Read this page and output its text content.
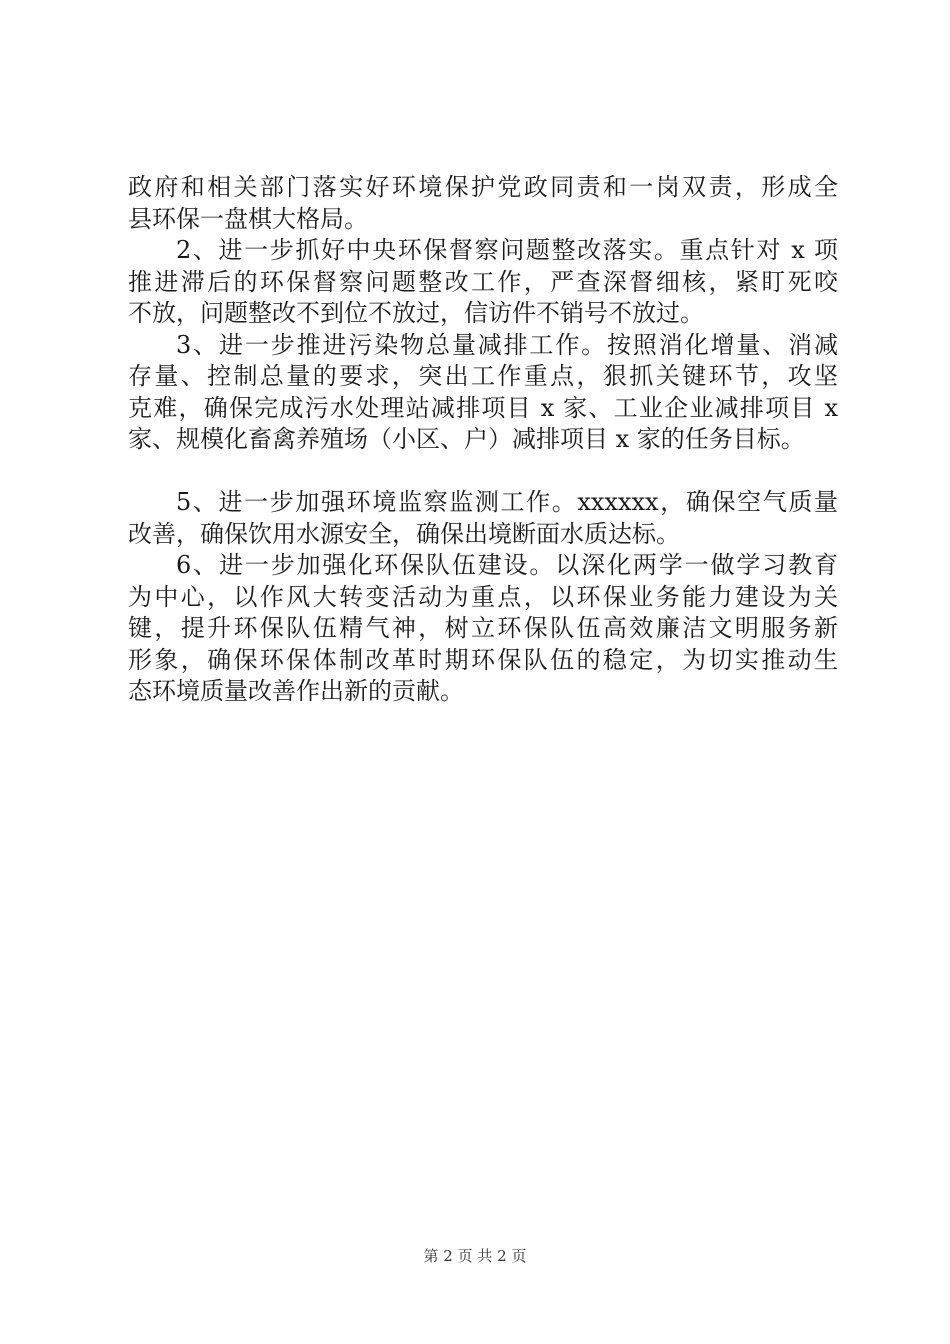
政府和相关部门落实好环境保护党政同责和一岗双责，形成全
县环保一盘棋大格局。
2、进一步抓好中央环保督察问题整改落实。重点针对 x 项
推进滞后的环保督察问题整改工作，严查深督细核，紧盯死咬
不放，问题整改不到位不放过，信访件不销号不放过。
3、进一步推进污染物总量减排工作。按照消化增量、消减
存量、控制总量的要求，突出工作重点，狠抓关键环节，攻坚
克难，确保完成污水处理站减排项目 x 家、工业企业减排项目 x
家、规模化畜禽养殖场（小区、户）减排项目 x 家的任务目标。
5、进一步加强环境监察监测工作。xxxxxx，确保空气质量
改善，确保饮用水源安全，确保出境断面水质达标。
6、进一步加强化环保队伍建设。以深化两学一做学习教育
为中心，以作风大转变活动为重点，以环保业务能力建设为关
键，提升环保队伍精气神，树立环保队伍高效廉洁文明服务新
形象，确保环保体制改革时期环保队伍的稳定，为切实推动生
态环境质量改善作出新的贡献。
第 2 页 共 2 页
